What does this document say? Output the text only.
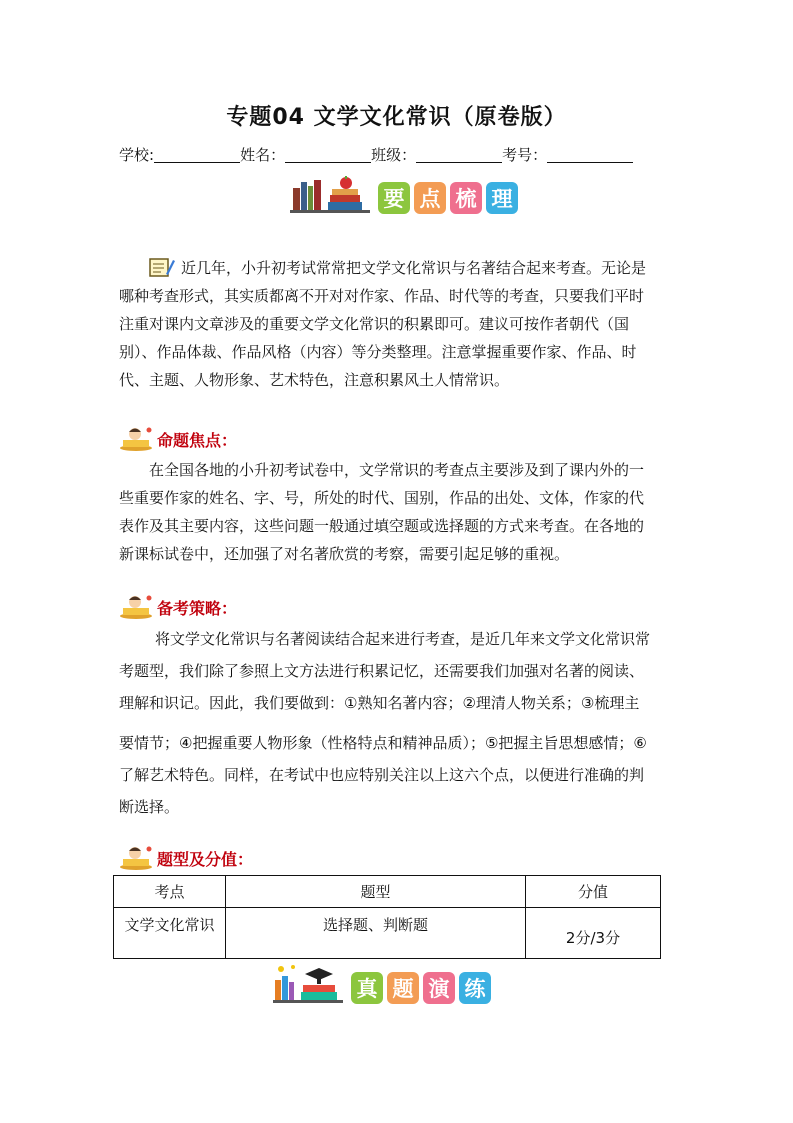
专题04 文学文化常识（原卷版）
学校:	姓名：	班级：	考号：
要 点 梳 理
近几年，小升初考试常常把文学文化常识与名著结合起来考查。无论是
哪种考查形式，其实质都离不开对对作家、作品、时代等的考查，只要我们平时
注重对课内文章涉及的重要文学文化常识的积累即可。建议可按作者朝代（国
别）、作品体裁、作品风格（内容）等分类整理。注意掌握重要作家、作品、时
代、主题、人物形象、艺术特色，注意积累风土人情常识。
命题焦点：
在全国各地的小升初考试卷中，文学常识的考查点主要涉及到了课内外的一
些重要作家的姓名、字、号，所处的时代、国别，作品的出处、文体，作家的代
表作及其主要内容，这些问题一般通过填空题或选择题的方式来考查。在各地的
新课标试卷中，还加强了对名著欣赏的考察，需要引起足够的重视。
备考策略：
将文学文化常识与名著阅读结合起来进行考查，是近几年来文学文化常识常
考题型，我们除了参照上文方法进行积累记忆，还需要我们加强对名著的阅读、
理解和识记。因此，我们要做到：①熟知名著内容；②理清人物关系；③梳理主
要情节；④把握重要人物形象（性格特点和精神品质）；⑤把握主旨思想感情；⑥
了解艺术特色。同样，在考试中也应特别关注以上这六个点，以便进行准确的判
断选择。
题型及分值：
考点	题型	分值
文学文化常识	选择题、判断题	2分/3分
真 题 演 练
